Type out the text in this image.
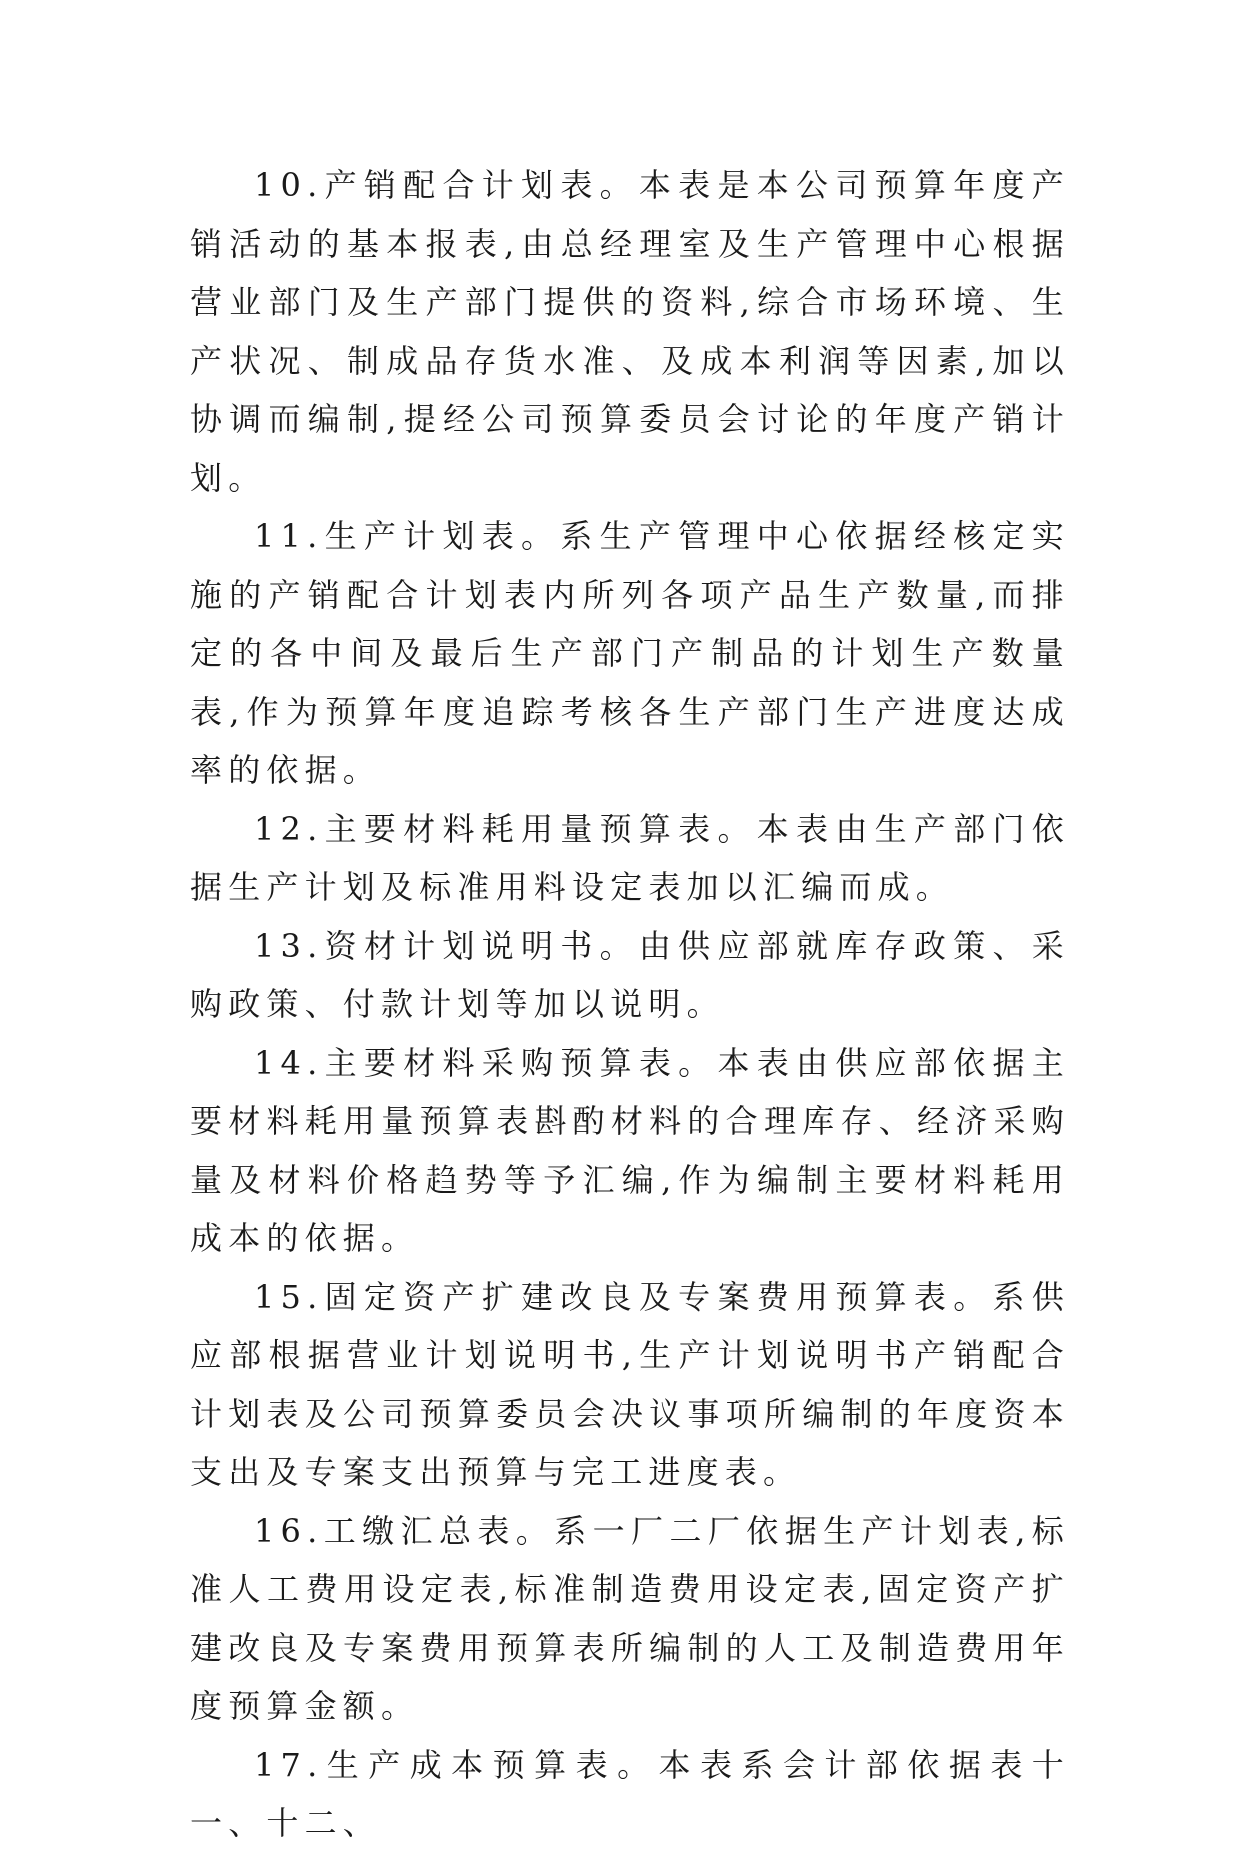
10.产销配合计划表。本表是本公司预算年度产销活动的基本报表,由总经理室及生产管理中心根据营业部门及生产部门提供的资料,综合市场环境、生产状况、制成品存货水准、及成本利润等因素,加以协调而编制,提经公司预算委员会讨论的年度产销计划。

11.生产计划表。系生产管理中心依据经核定实施的产销配合计划表内所列各项产品生产数量,而排定的各中间及最后生产部门产制品的计划生产数量表,作为预算年度追踪考核各生产部门生产进度达成率的依据。

12.主要材料耗用量预算表。本表由生产部门依据生产计划及标准用料设定表加以汇编而成。

13.资材计划说明书。由供应部就库存政策、采购政策、付款计划等加以说明。

14.主要材料采购预算表。本表由供应部依据主要材料耗用量预算表斟酌材料的合理库存、经济采购量及材料价格趋势等予汇编,作为编制主要材料耗用成本的依据。

15.固定资产扩建改良及专案费用预算表。系供应部根据营业计划说明书,生产计划说明书产销配合计划表及公司预算委员会决议事项所编制的年度资本支出及专案支出预算与完工进度表。

16.工缴汇总表。系一厂二厂依据生产计划表,标准人工费用设定表,标准制造费用设定表,固定资产扩建改良及专案费用预算表所编制的人工及制造费用年度预算金额。

17.生产成本预算表。本表系会计部依据表十一、十二、
